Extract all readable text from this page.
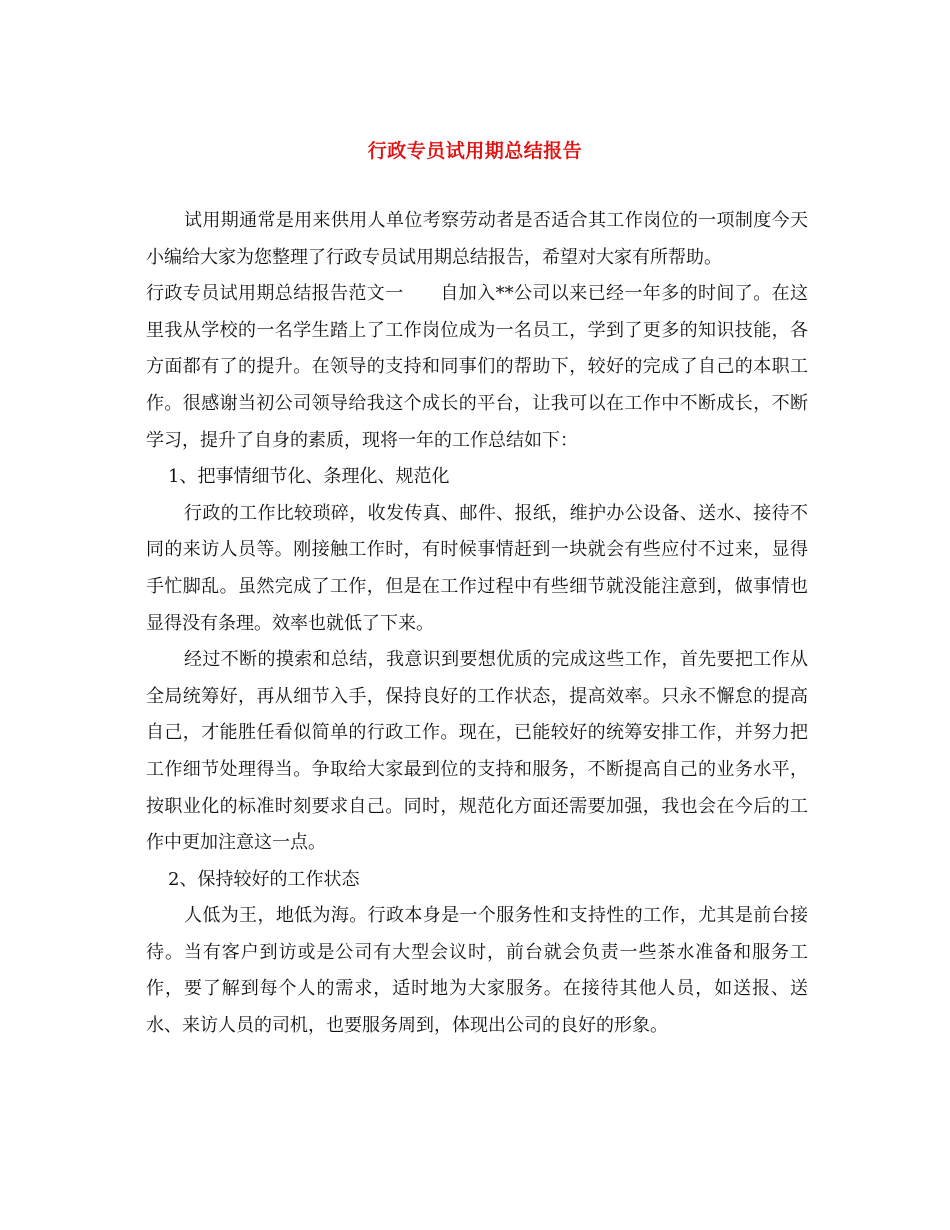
行政专员试用期总结报告

试用期通常是用来供用人单位考察劳动者是否适合其工作岗位的一项制度今天小编给大家为您整理了行政专员试用期总结报告，希望对大家有所帮助。

行政专员试用期总结报告范文一　　自加入**公司以来已经一年多的时间了。在这里我从学校的一名学生踏上了工作岗位成为一名员工，学到了更多的知识技能，各方面都有了的提升。在领导的支持和同事们的帮助下，较好的完成了自己的本职工作。很感谢当初公司领导给我这个成长的平台，让我可以在工作中不断成长，不断学习，提升了自身的素质，现将一年的工作总结如下：

1、把事情细节化、条理化、规范化

行政的工作比较琐碎，收发传真、邮件、报纸，维护办公设备、送水、接待不同的来访人员等。刚接触工作时，有时候事情赶到一块就会有些应付不过来，显得手忙脚乱。虽然完成了工作，但是在工作过程中有些细节就没能注意到，做事情也显得没有条理。效率也就低了下来。

经过不断的摸索和总结，我意识到要想优质的完成这些工作，首先要把工作从全局统筹好，再从细节入手，保持良好的工作状态，提高效率。只永不懈怠的提高自己，才能胜任看似简单的行政工作。现在，已能较好的统筹安排工作，并努力把工作细节处理得当。争取给大家最到位的支持和服务，不断提高自己的业务水平，按职业化的标准时刻要求自己。同时，规范化方面还需要加强，我也会在今后的工作中更加注意这一点。

2、保持较好的工作状态

人低为王，地低为海。行政本身是一个服务性和支持性的工作，尤其是前台接待。当有客户到访或是公司有大型会议时，前台就会负责一些茶水准备和服务工作，要了解到每个人的需求，适时地为大家服务。在接待其他人员，如送报、送水、来访人员的司机，也要服务周到，体现出公司的良好的形象。
